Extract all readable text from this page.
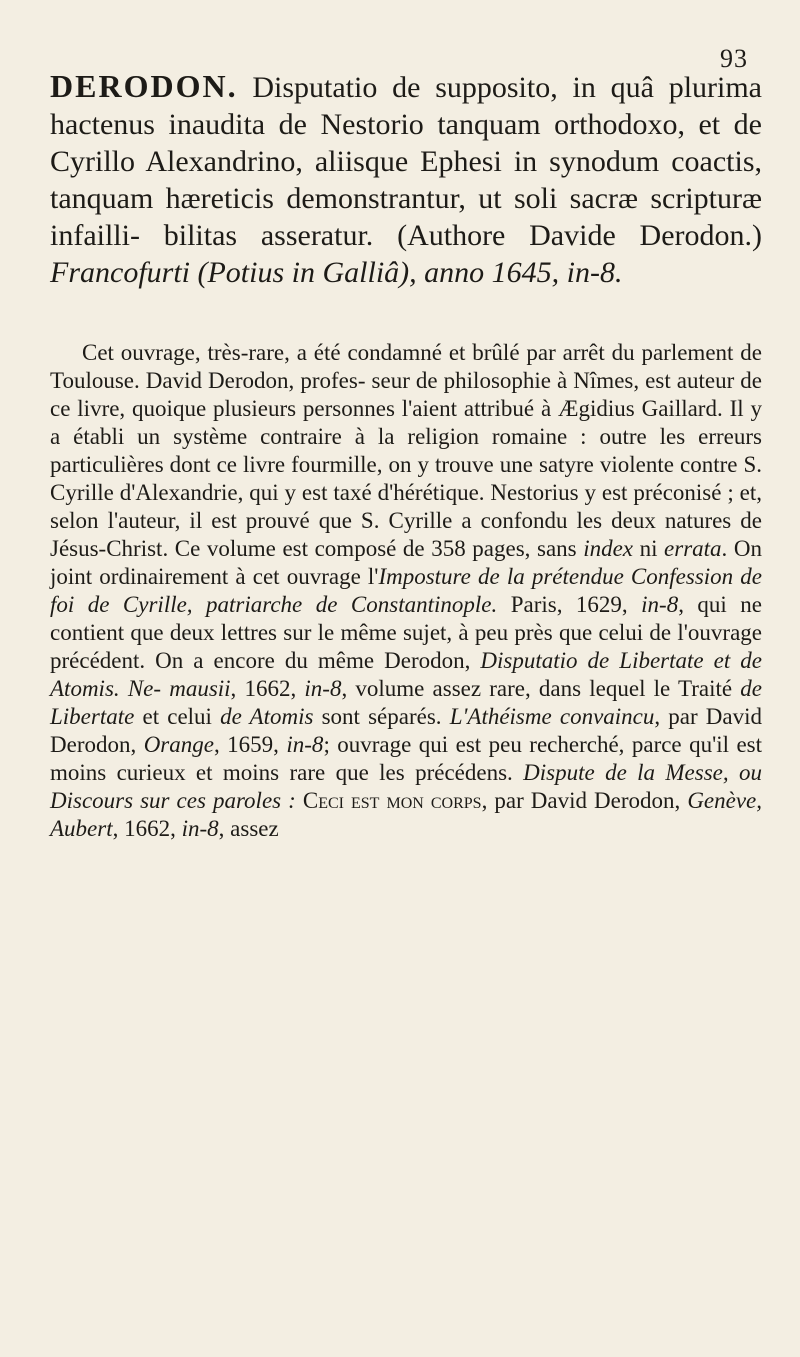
93

DERODON. Disputatio de supposito, in quâ plurima hactenus inaudita de Nestorio tanquam orthodoxo, et de Cyrillo Alexandrino, aliisque Ephesi in synodum coactis, tanquam hæreticis demonstrantur, ut soli sacræ scripturæ infailli- bilitas asseratur. (Authore Davide Derodon.) Francofurti (Potius in Galliâ), anno 1645, in-8.

Cet ouvrage, très-rare, a été condamné et brûlé par arrêt du parlement de Toulouse. David Derodon, profes- seur de philosophie à Nîmes, est auteur de ce livre, quoique plusieurs personnes l'aient attribué à Ægidius Gaillard. Il y a établi un système contraire à la religion romaine : outre les erreurs particulières dont ce livre fourmille, on y trouve une satyre violente contre S. Cyrille d'Alexandrie, qui y est taxé d'hérétique. Nestorius y est préconisé ; et, selon l'auteur, il est prouvé que S. Cyrille a confondu les deux natures de Jésus-Christ. Ce volume est composé de 358 pages, sans index ni errata. On joint ordinairement à cet ouvrage l'Imposture de la prétendue Confession de foi de Cyrille, patriarche de Constantinople. Paris, 1629, in-8, qui ne contient que deux lettres sur le même sujet, à peu près que celui de l'ouvrage précédent. On a encore du même Derodon, Disputatio de Libertate et de Atomis. Ne- mausii, 1662, in-8, volume assez rare, dans lequel le Traité de Libertate et celui de Atomis sont séparés. L'Athéisme convaincu, par David Derodon, Orange, 1659, in-8; ouvrage qui est peu recherché, parce qu'il est moins curieux et moins rare que les précédens. Dispute de la Messe, ou Discours sur ces paroles : Ceci est mon corps, par David Derodon, Genève, Aubert, 1662, in-8, assez
